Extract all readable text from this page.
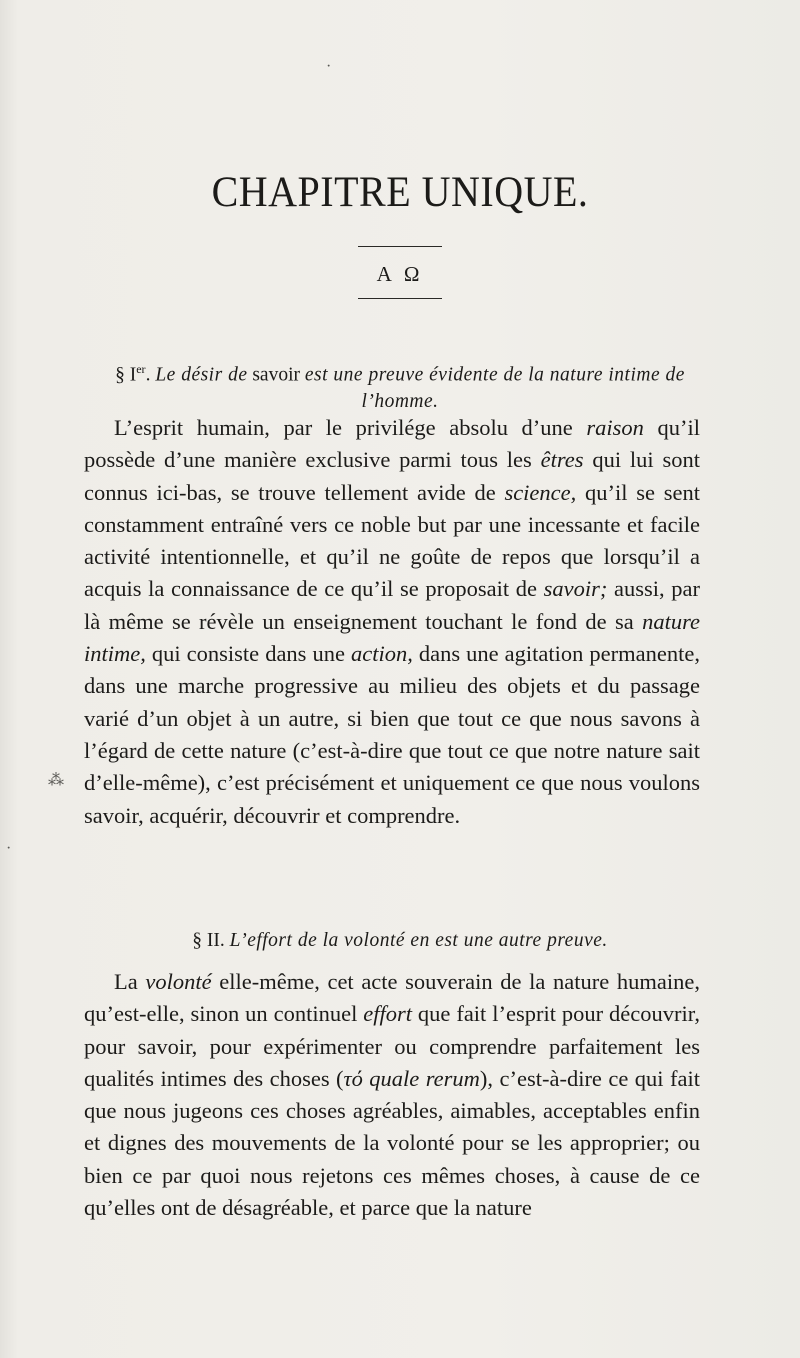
·
⁂
·
CHAPITRE UNIQUE.
A Ω
§ Ier. Le désir de savoir est une preuve évidente de la nature intime de l’homme.

L’esprit humain, par le privilége absolu d’une raison qu’il possède d’une manière exclusive parmi tous les êtres qui lui sont connus ici-bas, se trouve tellement avide de science, qu’il se sent constamment entraîné vers ce noble but par une incessante et facile activité intentionnelle, et qu’il ne goûte de repos que lorsqu’il a acquis la connaissance de ce qu’il se proposait de savoir; aussi, par là même se révèle un enseignement touchant le fond de sa nature intime, qui consiste dans une action, dans une agitation permanente, dans une marche progressive au milieu des objets et du passage varié d’un objet à un autre, si bien que tout ce que nous savons à l’égard de cette nature (c’est-à-dire que tout ce que notre nature sait d’elle-même), c’est précisément et uniquement ce que nous voulons savoir, acquérir, découvrir et comprendre.

§ II. L’effort de la volonté en est une autre preuve.

La volonté elle-même, cet acte souverain de la nature humaine, qu’est-elle, sinon un continuel effort que fait l’esprit pour découvrir, pour savoir, pour expérimenter ou comprendre parfaitement les qualités intimes des choses (τό quale rerum), c’est-à-dire ce qui fait que nous jugeons ces choses agréables, aimables, acceptables enfin et dignes des mouvements de la volonté pour se les approprier; ou bien ce par quoi nous rejetons ces mêmes choses, à cause de ce qu’elles ont de désagréable, et parce que la nature
